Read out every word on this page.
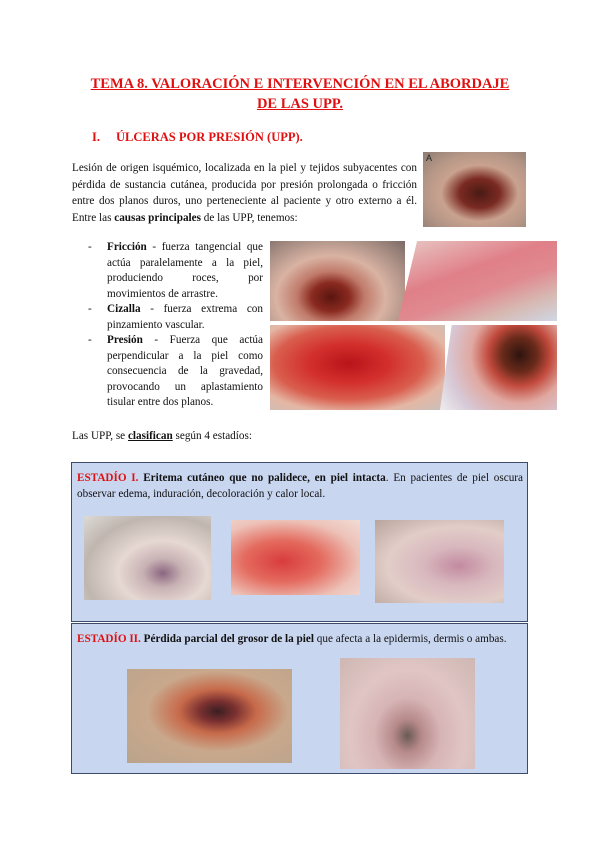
TEMA 8. VALORACIÓN E INTERVENCIÓN EN EL ABORDAJE
DE LAS UPP.
I. ÚLCERAS POR PRESIÓN (UPP).
Lesión de origen isquémico, localizada en la piel y tejidos subyacentes con pérdida de sustancia cutánea, producida por presión prolongada o fricción entre dos planos duros, uno perteneciente al paciente y otro externo a él. Entre las causas principales de las UPP, tenemos:
A
- Fricción - fuerza tangencial que actúa paralelamente a la piel, produciendo roces, por movimientos de arrastre.
- Cizalla - fuerza extrema con pinzamiento vascular.
- Presión - Fuerza que actúa perpendicular a la piel como consecuencia de la gravedad, provocando un aplastamiento tisular entre dos planos.
Las UPP, se clasifican según 4 estadíos:
ESTADÍO I. Eritema cutáneo que no palidece, en piel intacta. En pacientes de piel oscura observar edema, induración, decoloración y calor local.
ESTADÍO II. Pérdida parcial del grosor de la piel que afecta a la epidermis, dermis o ambas.
